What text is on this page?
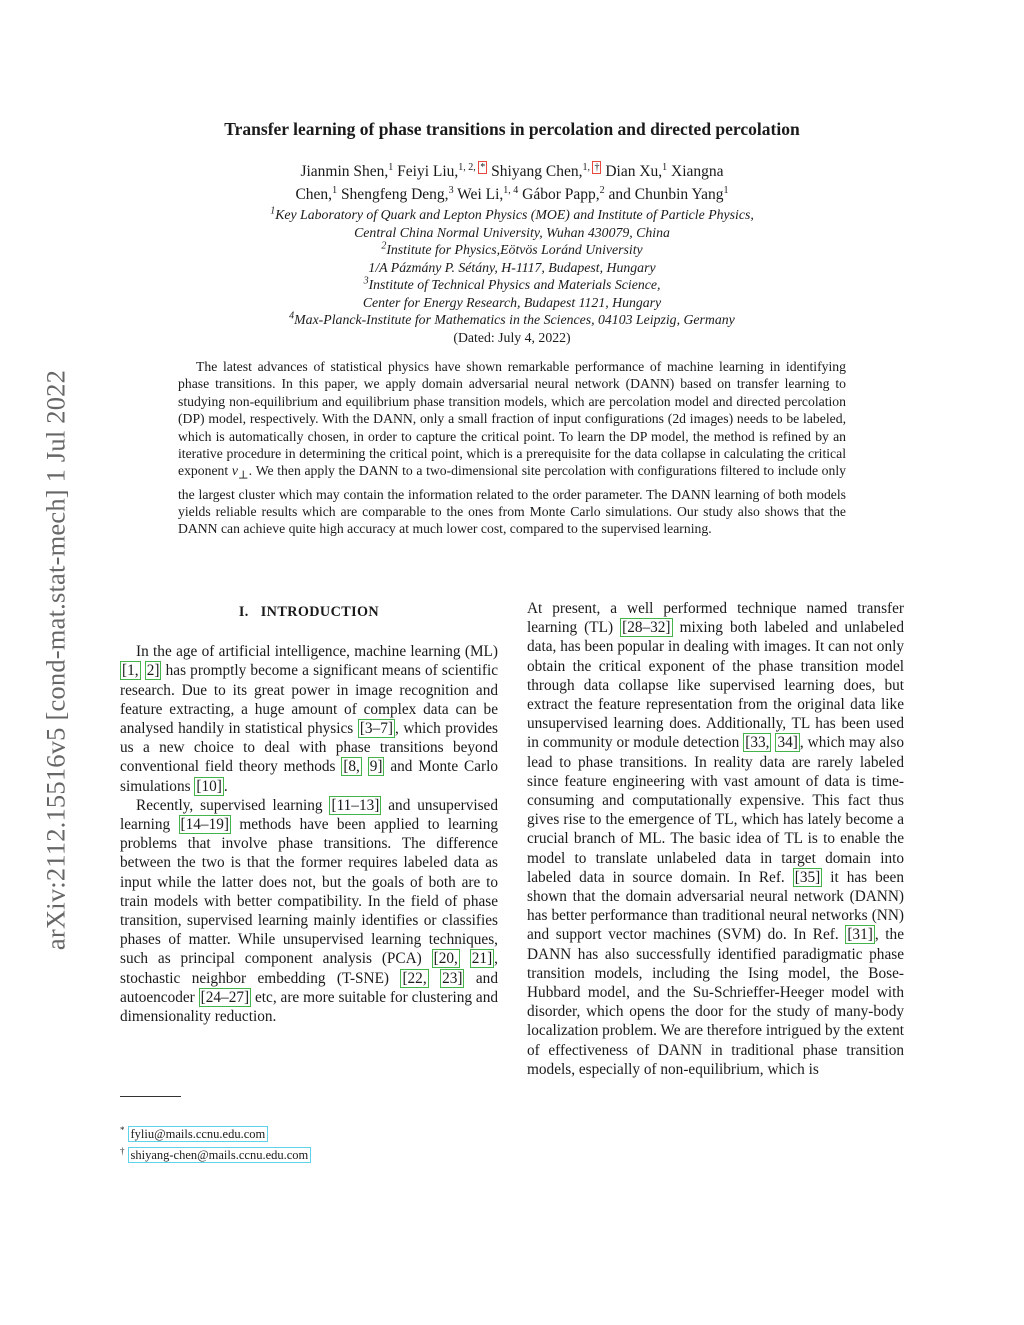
arXiv:2112.15516v5 [cond-mat.stat-mech] 1 Jul 2022
Transfer learning of phase transitions in percolation and directed percolation
Jianmin Shen,$^1$ Feiyi Liu,$^{1, 2, *}$ Shiyang Chen,$^{1, \dagger}$ Dian Xu,$^1$ Xiangna
Chen,$^1$ Shengfeng Deng,$^3$ Wei Li,$^{1, 4}$ Gábor Papp,$^2$ and Chunbin Yang$^1$
$^1$Key Laboratory of Quark and Lepton Physics (MOE) and Institute of Particle Physics,
Central China Normal University, Wuhan 430079, China
$^2$Institute for Physics,Eötvös Loránd University
1/A Pázmány P. Sétány, H-1117, Budapest, Hungary
$^3$Institute of Technical Physics and Materials Science,
Center for Energy Research, Budapest 1121, Hungary
$^4$Max-Planck-Institute for Mathematics in the Sciences, 04103 Leipzig, Germany
(Dated: July 4, 2022)

The latest advances of statistical physics have shown remarkable performance of machine learning in identifying phase transitions. In this paper, we apply domain adversarial neural network (DANN) based on transfer learning to studying non-equilibrium and equilibrium phase transition models, which are percolation model and directed percolation (DP) model, respectively. With the DANN, only a small fraction of input configurations (2d images) needs to be labeled, which is automatically chosen, in order to capture the critical point. To learn the DP model, the method is refined by an iterative procedure in determining the critical point, which is a prerequisite for the data collapse in calculating the critical exponent $\nu_\perp$. We then apply the DANN to a two-dimensional site percolation with configurations filtered to include only the largest cluster which may contain the information related to the order parameter. The DANN learning of both models yields reliable results which are comparable to the ones from Monte Carlo simulations. Our study also shows that the DANN can achieve quite high accuracy at much lower cost, compared to the supervised learning.

I. INTRODUCTION

In the age of artificial intelligence, machine learning (ML) [1, 2] has promptly become a significant means of scientific research. Due to its great power in image recognition and feature extracting, a huge amount of complex data can be analysed handily in statistical physics [3–7] , which provides us a new choice to deal with phase transitions beyond conventional field theory methods [8, 9] and Monte Carlo simulations [10] .

Recently, supervised learning [11–13] and unsupervised learning [14–19] methods have been applied to learning problems that involve phase transitions. The difference between the two is that the former requires labeled data as input while the latter does not, but the goals of both are to train models with better compatibility. In the field of phase transition, supervised learning mainly identifies or classifies phases of matter. While unsupervised learning techniques, such as principal component analysis (PCA) [20, 21] , stochastic neighbor embedding (T-SNE) [22, 23] and autoencoder [24–27] etc, are more suitable for clustering and dimensionality reduction.

* fyliu@mails.ccnu.edu.com
† shiyang-chen@mails.ccnu.edu.com

At present, a well performed technique named transfer learning (TL) [28–32] mixing both labeled and unlabeled data, has been popular in dealing with images. It can not only obtain the critical exponent of the phase transition model through data collapse like supervised learning does, but extract the feature representation from the original data like unsupervised learning does. Additionally, TL has been used in community or module detection [33, 34] , which may also lead to phase transitions. In reality data are rarely labeled since feature engineering with vast amount of data is time-consuming and computationally expensive. This fact thus gives rise to the emergence of TL, which has lately become a crucial branch of ML. The basic idea of TL is to enable the model to translate unlabeled data in target domain into labeled data in source domain. In Ref. [35] it has been shown that the domain adversarial neural network (DANN) has better performance than traditional neural networks (NN) and support vector machines (SVM) do. In Ref. [31] , the DANN has also successfully identified paradigmatic phase transition models, including the Ising model, the Bose-Hubbard model, and the Su-Schrieffer-Heeger model with disorder, which opens the door for the study of many-body localization problem. We are therefore intrigued by the extent of effectiveness of DANN in traditional phase transition models, especially of non-equilibrium, which is
